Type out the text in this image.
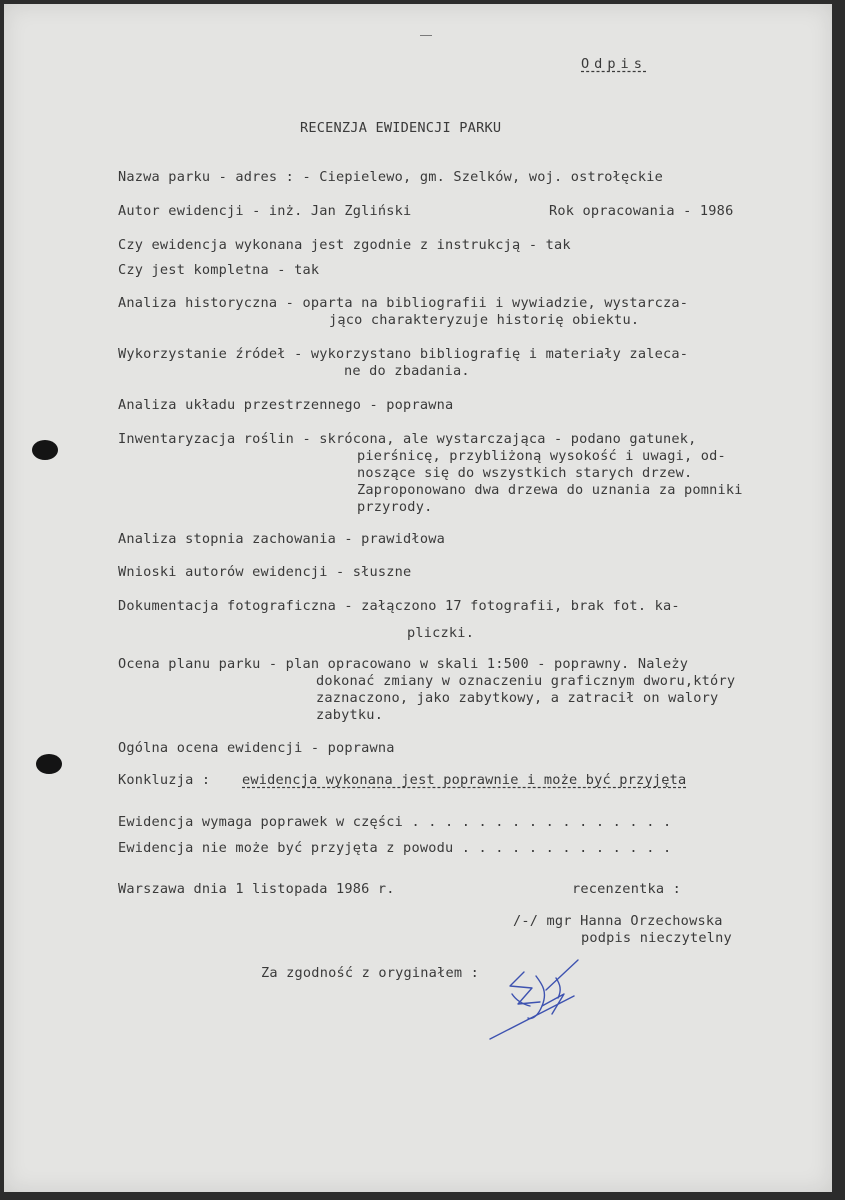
Odpis
RECENZJA EWIDENCJI PARKU
Nazwa parku - adres : - Ciepielewo, gm. Szelków, woj. ostrołęckie
Autor ewidencji - inż. Jan Zgliński	Rok opracowania - 1986
Czy ewidencja wykonana jest zgodnie z instrukcją - tak
Czy jest kompletna - tak
Analiza historyczna - oparta na bibliografii i wywiadzie, wystarcza-
jąco charakteryzuje historię obiektu.
Wykorzystanie źródeł - wykorzystano bibliografię i materiały zaleca-
ne do zbadania.
Analiza układu przestrzennego - poprawna
Inwentaryzacja roślin - skrócona, ale wystarczająca - podano gatunek,
pierśnicę, przybliżoną wysokość i uwagi, od-
noszące się do wszystkich starych drzew.
Zaproponowano dwa drzewa do uznania za pomniki
przyrody.
Analiza stopnia zachowania - prawidłowa
Wnioski autorów ewidencji - słuszne
Dokumentacja fotograficzna - załączono 17 fotografii, brak fot. ka-
pliczki.
Ocena planu parku - plan opracowano w skali 1:500 - poprawny. Należy
dokonać zmiany w oznaczeniu graficznym dworu,który
zaznaczono, jako zabytkowy, a zatracił on walory
zabytku.
Ogólna ocena ewidencji - poprawna
Konkluzja : ewidencja wykonana jest poprawnie i może być przyjęta
Ewidencja wymaga poprawek w części . . . . . . . . . . . . . . . .
Ewidencja nie może być przyjęta z powodu . . . . . . . . . . . . .
Warszawa dnia 1 listopada 1986 r.	recenzentka :
/-/ mgr Hanna Orzechowska
podpis nieczytelny
Za zgodność z oryginałem :
